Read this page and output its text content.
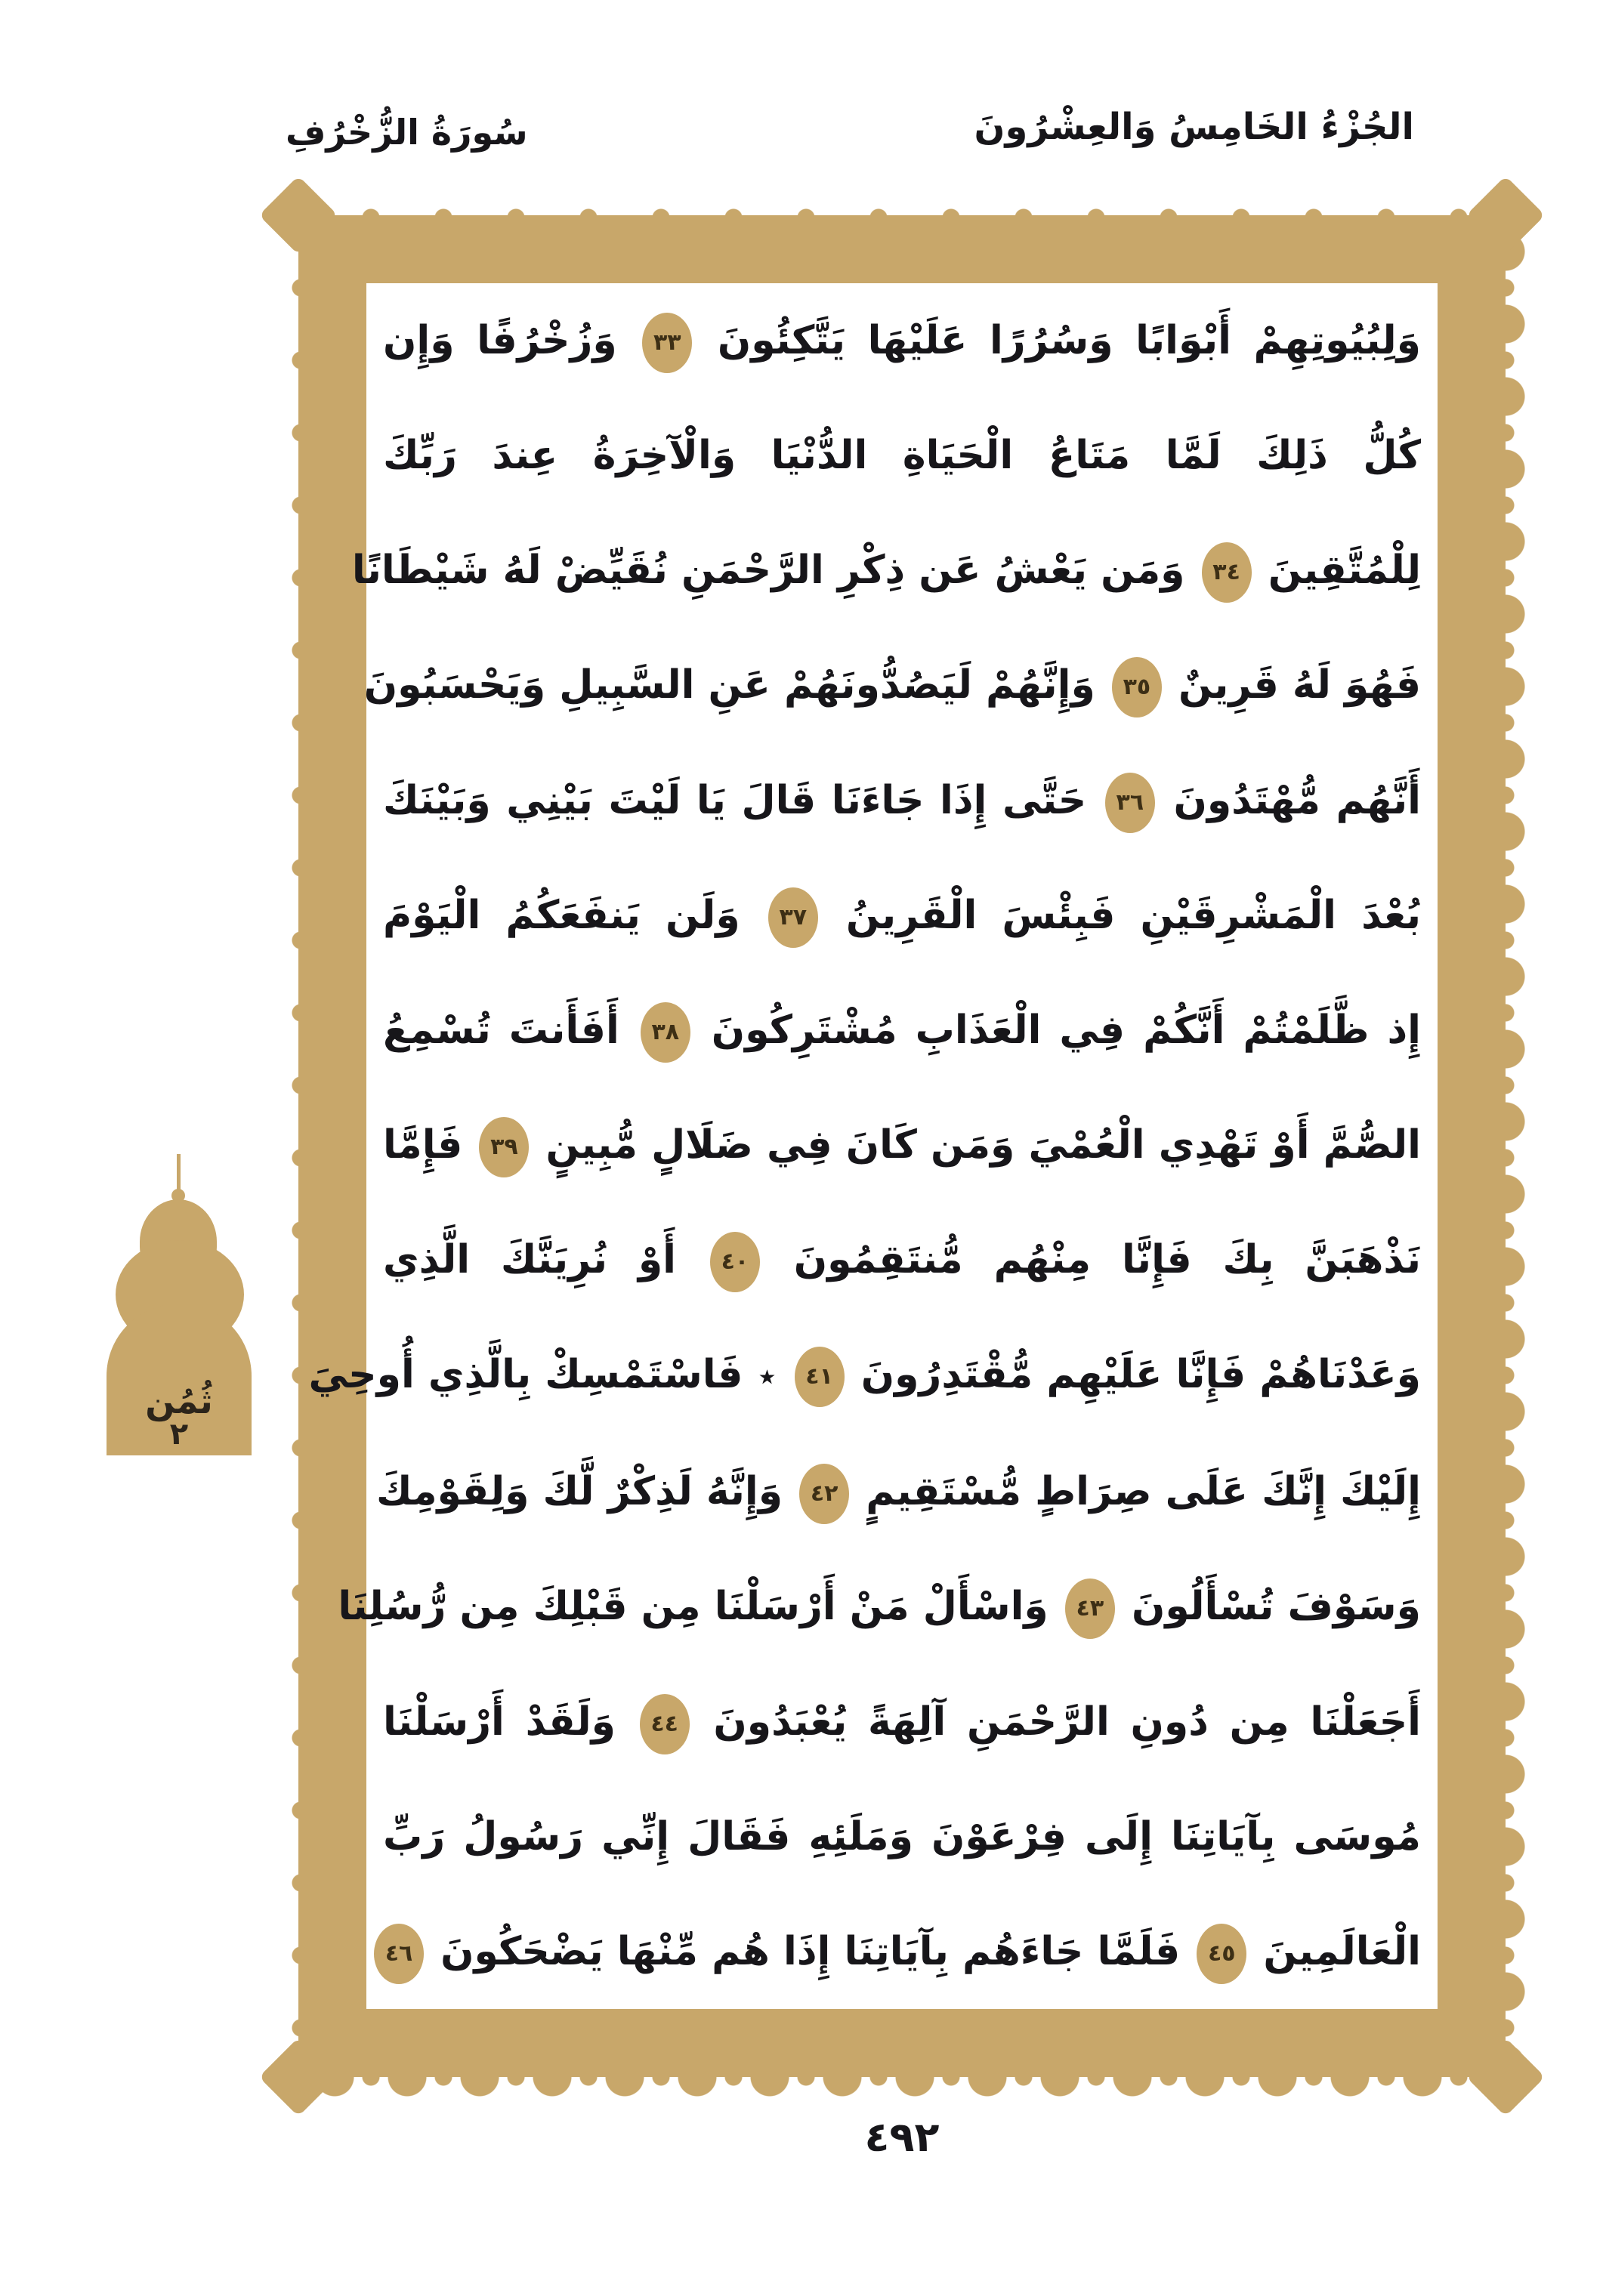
سُورَةُ الزُّخْرُفِ	الجُزْءُ الخَامِسُ وَالعِشْرُونَ
وَلِبُيُوتِهِمْ أَبْوَابًا وَسُرُرًا عَلَيْهَا يَتَّكِئُونَ ٣٣ وَزُخْرُفًا وَإِن
كُلُّ ذَلِكَ لَمَّا مَتَاعُ الْحَيَاةِ الدُّنْيَا وَالْآخِرَةُ عِندَ رَبِّكَ
لِلْمُتَّقِينَ ٣٤ وَمَن يَعْشُ عَن ذِكْرِ الرَّحْمَنِ نُقَيِّضْ لَهُ شَيْطَانًا
فَهُوَ لَهُ قَرِينٌ ٣٥ وَإِنَّهُمْ لَيَصُدُّونَهُمْ عَنِ السَّبِيلِ وَيَحْسَبُونَ
أَنَّهُم مُّهْتَدُونَ ٣٦ حَتَّى إِذَا جَاءَنَا قَالَ يَا لَيْتَ بَيْنِي وَبَيْنَكَ
بُعْدَ الْمَشْرِقَيْنِ فَبِئْسَ الْقَرِينُ ٣٧ وَلَن يَنفَعَكُمُ الْيَوْمَ
إِذ ظَّلَمْتُمْ أَنَّكُمْ فِي الْعَذَابِ مُشْتَرِكُونَ ٣٨ أَفَأَنتَ تُسْمِعُ
الصُّمَّ أَوْ تَهْدِي الْعُمْيَ وَمَن كَانَ فِي ضَلَالٍ مُّبِينٍ ٣٩ فَإِمَّا
نَذْهَبَنَّ بِكَ فَإِنَّا مِنْهُم مُّنتَقِمُونَ ٤٠ أَوْ نُرِيَنَّكَ الَّذِي
وَعَدْنَاهُمْ فَإِنَّا عَلَيْهِم مُّقْتَدِرُونَ ٤١ ٭ فَاسْتَمْسِكْ بِالَّذِي أُوحِيَ
إِلَيْكَ إِنَّكَ عَلَى صِرَاطٍ مُّسْتَقِيمٍ ٤٢ وَإِنَّهُ لَذِكْرٌ لَّكَ وَلِقَوْمِكَ
وَسَوْفَ تُسْأَلُونَ ٤٣ وَاسْأَلْ مَنْ أَرْسَلْنَا مِن قَبْلِكَ مِن رُّسُلِنَا
أَجَعَلْنَا مِن دُونِ الرَّحْمَنِ آلِهَةً يُعْبَدُونَ ٤٤ وَلَقَدْ أَرْسَلْنَا
مُوسَى بِآيَاتِنَا إِلَى فِرْعَوْنَ وَمَلَئِهِ فَقَالَ إِنِّي رَسُولُ رَبِّ
الْعَالَمِينَ ٤٥ فَلَمَّا جَاءَهُم بِآيَاتِنَا إِذَا هُم مِّنْهَا يَضْحَكُونَ ٤٦
ثُمُن
٢
٤٩٢
